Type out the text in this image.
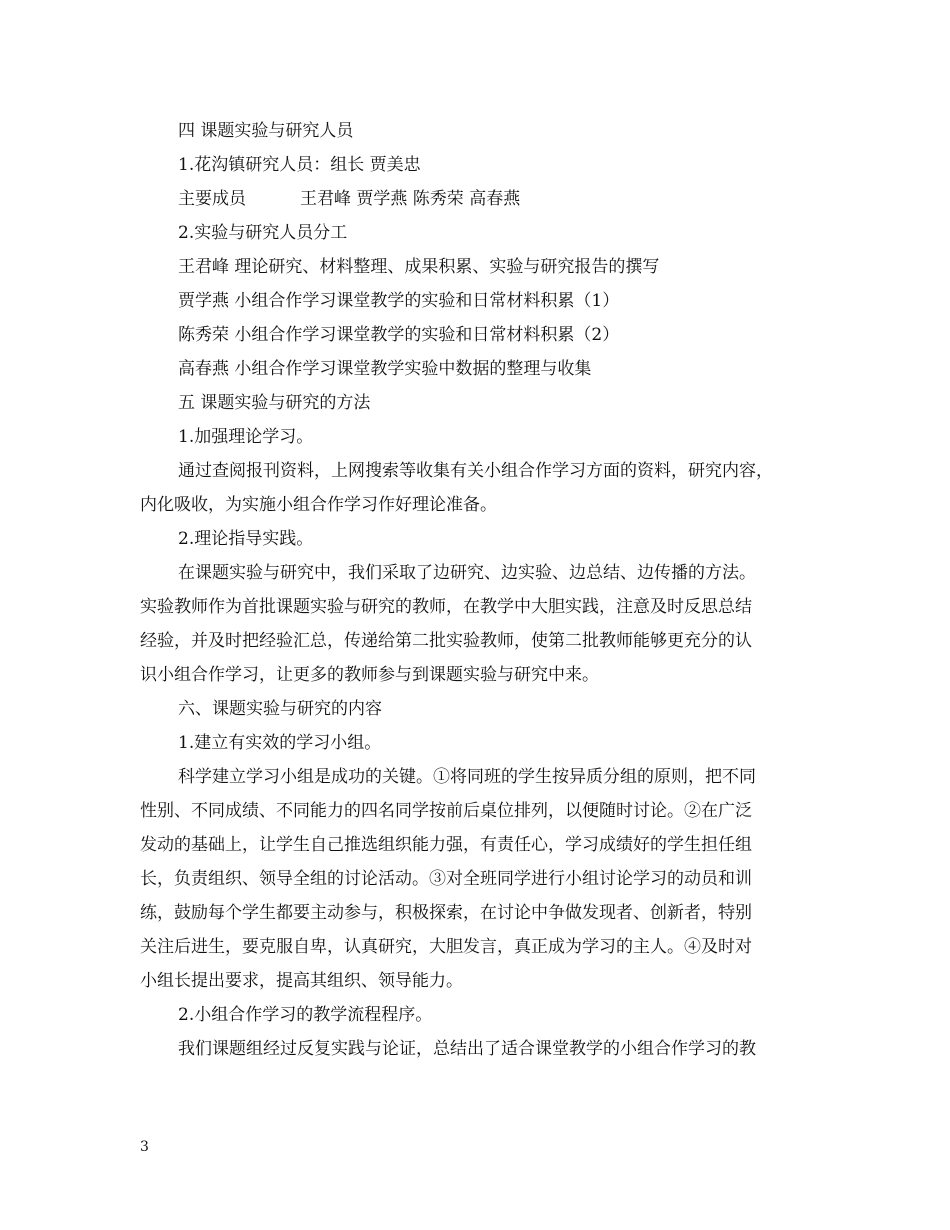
四 课题实验与研究人员
1.花沟镇研究人员：组长 贾美忠
主要成员	王君峰 贾学燕 陈秀荣 高春燕
2.实验与研究人员分工
王君峰 理论研究、材料整理、成果积累、实验与研究报告的撰写
贾学燕 小组合作学习课堂教学的实验和日常材料积累（1）
陈秀荣 小组合作学习课堂教学的实验和日常材料积累（2）
高春燕 小组合作学习课堂教学实验中数据的整理与收集
五 课题实验与研究的方法
1.加强理论学习。
通过查阅报刊资料，上网搜索等收集有关小组合作学习方面的资料，研究内容，
内化吸收，为实施小组合作学习作好理论准备。
2.理论指导实践。
在课题实验与研究中，我们采取了边研究、边实验、边总结、边传播的方法。
实验教师作为首批课题实验与研究的教师，在教学中大胆实践，注意及时反思总结
经验，并及时把经验汇总，传递给第二批实验教师，使第二批教师能够更充分的认
识小组合作学习，让更多的教师参与到课题实验与研究中来。
六、课题实验与研究的内容
1.建立有实效的学习小组。
科学建立学习小组是成功的关键。①将同班的学生按异质分组的原则，把不同
性别、不同成绩、不同能力的四名同学按前后桌位排列，以便随时讨论。②在广泛
发动的基础上，让学生自己推选组织能力强，有责任心，学习成绩好的学生担任组
长，负责组织、领导全组的讨论活动。③对全班同学进行小组讨论学习的动员和训
练，鼓励每个学生都要主动参与，积极探索，在讨论中争做发现者、创新者，特别
关注后进生，要克服自卑，认真研究，大胆发言，真正成为学习的主人。④及时对
小组长提出要求，提高其组织、领导能力。
2.小组合作学习的教学流程程序。
我们课题组经过反复实践与论证，总结出了适合课堂教学的小组合作学习的教
3
